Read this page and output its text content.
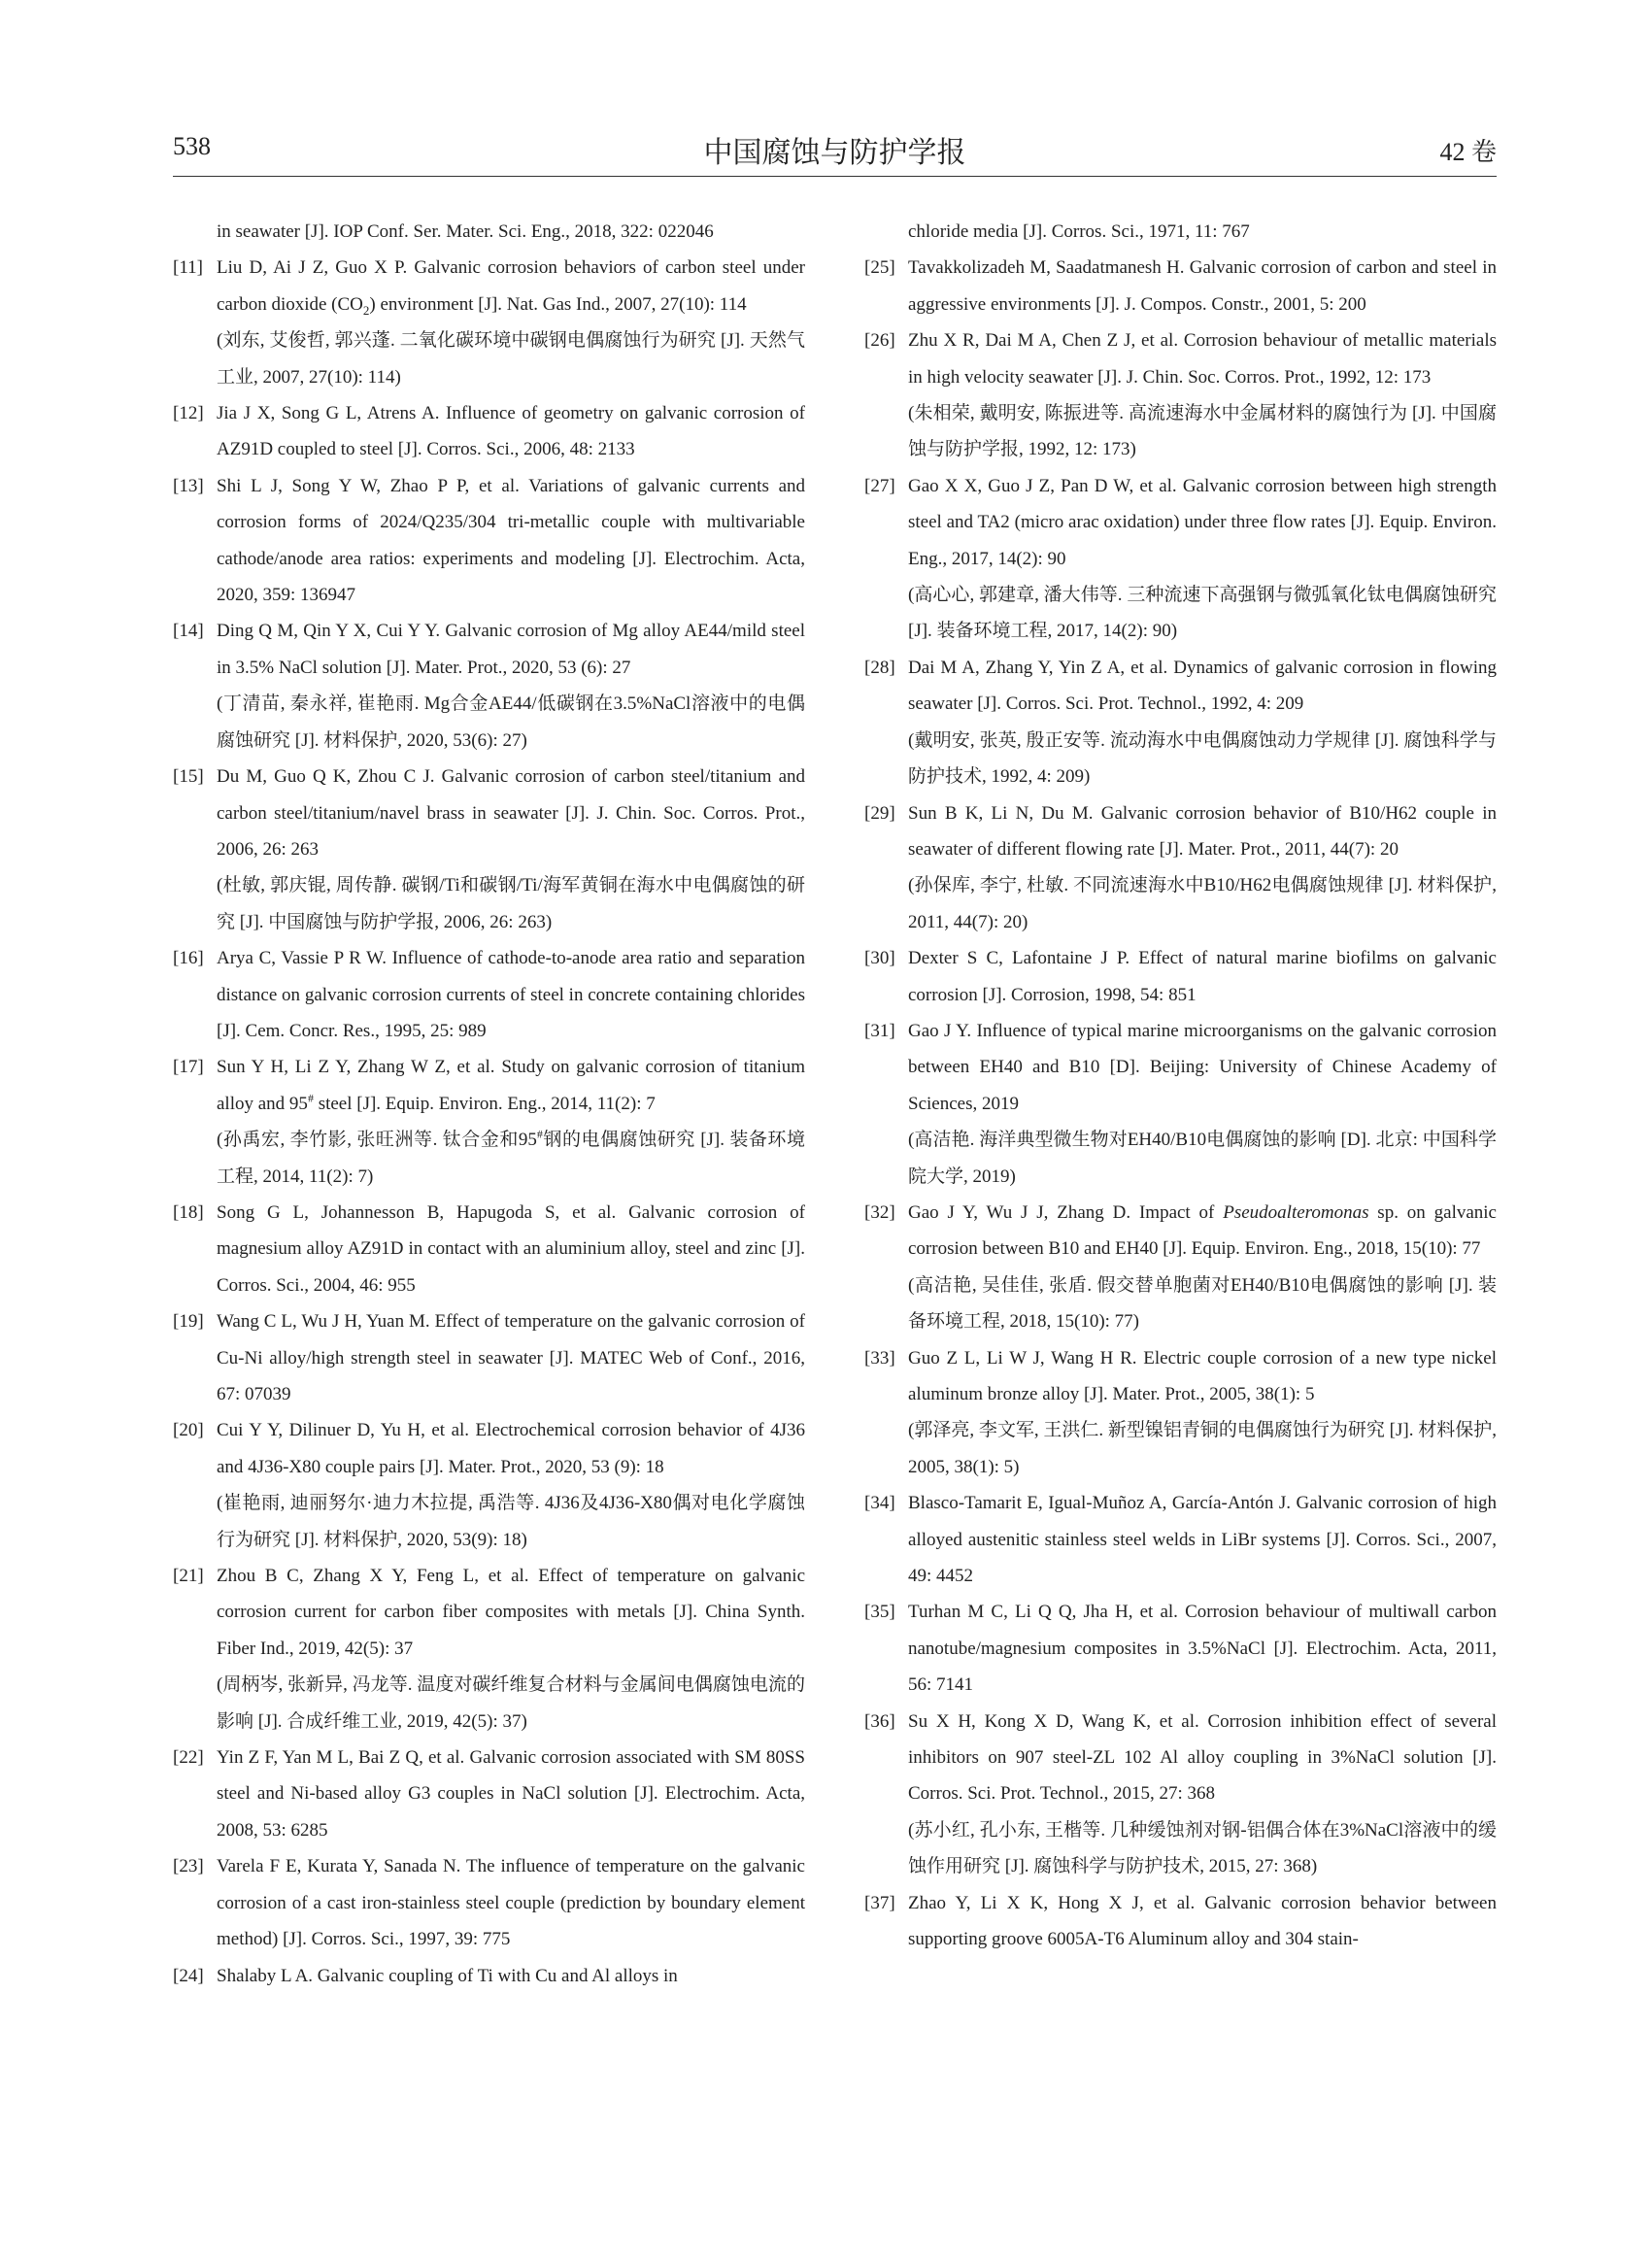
538	中国腐蚀与防护学报	42 卷

in seawater [J]. IOP Conf. Ser. Mater. Sci. Eng., 2018, 322: 022046

[11] Liu D, Ai J Z, Guo X P. Galvanic corrosion behaviors of carbon steel under carbon dioxide $(CO_2)$ environment [J]. Nat. Gas Ind., 2007, 27(10): 114
(刘东, 艾俊哲, 郭兴蓬. 二氧化碳环境中碳钢电偶腐蚀行为研究 [J]. 天然气工业, 2007, 27(10): 114)

[12] Jia J X, Song G L, Atrens A. Influence of geometry on galvanic corrosion of AZ91D coupled to steel [J]. Corros. Sci., 2006, 48: 2133

[13] Shi L J, Song Y W, Zhao P P, et al. Variations of galvanic currents and corrosion forms of 2024/Q235/304 tri-metallic couple with multivariable cathode/anode area ratios: experiments and modeling [J]. Electrochim. Acta, 2020, 359: 136947

[14] Ding Q M, Qin Y X, Cui Y Y. Galvanic corrosion of Mg alloy AE44/mild steel in 3.5% NaCl solution [J]. Mater. Prot., 2020, 53 (6): 27
(丁清苗, 秦永祥, 崔艳雨. Mg合金AE44/低碳钢在3.5%NaCl溶液中的电偶腐蚀研究 [J]. 材料保护, 2020, 53(6): 27)

[15] Du M, Guo Q K, Zhou C J. Galvanic corrosion of carbon steel/titanium and carbon steel/titanium/navel brass in seawater [J]. J. Chin. Soc. Corros. Prot., 2006, 26: 263
(杜敏, 郭庆锟, 周传静. 碳钢/Ti和碳钢/Ti/海军黄铜在海水中电偶腐蚀的研究 [J]. 中国腐蚀与防护学报, 2006, 26: 263)

[16] Arya C, Vassie P R W. Influence of cathode-to-anode area ratio and separation distance on galvanic corrosion currents of steel in concrete containing chlorides [J]. Cem. Concr. Res., 1995, 25: 989

[17] Sun Y H, Li Z Y, Zhang W Z, et al. Study on galvanic corrosion of titanium alloy and 95# steel [J]. Equip. Environ. Eng., 2014, 11(2): 7
(孙禹宏, 李竹影, 张旺洲等. 钛合金和95#钢的电偶腐蚀研究 [J]. 装备环境工程, 2014, 11(2): 7)

[18] Song G L, Johannesson B, Hapugoda S, et al. Galvanic corrosion of magnesium alloy AZ91D in contact with an aluminium alloy, steel and zinc [J]. Corros. Sci., 2004, 46: 955

[19] Wang C L, Wu J H, Yuan M. Effect of temperature on the galvanic corrosion of Cu-Ni alloy/high strength steel in seawater [J]. MATEC Web of Conf., 2016, 67: 07039

[20] Cui Y Y, Dilinuer D, Yu H, et al. Electrochemical corrosion behavior of 4J36 and 4J36-X80 couple pairs [J]. Mater. Prot., 2020, 53 (9): 18
(崔艳雨, 迪丽努尔·迪力木拉提, 禹浩等. 4J36及4J36-X80偶对电化学腐蚀行为研究 [J]. 材料保护, 2020, 53(9): 18)

[21] Zhou B C, Zhang X Y, Feng L, et al. Effect of temperature on galvanic corrosion current for carbon fiber composites with metals [J]. China Synth. Fiber Ind., 2019, 42(5): 37
(周柄岑, 张新异, 冯龙等. 温度对碳纤维复合材料与金属间电偶腐蚀电流的影响 [J]. 合成纤维工业, 2019, 42(5): 37)

[22] Yin Z F, Yan M L, Bai Z Q, et al. Galvanic corrosion associated with SM 80SS steel and Ni-based alloy G3 couples in NaCl solution [J]. Electrochim. Acta, 2008, 53: 6285

[23] Varela F E, Kurata Y, Sanada N. The influence of temperature on the galvanic corrosion of a cast iron-stainless steel couple (prediction by boundary element method) [J]. Corros. Sci., 1997, 39: 775

[24] Shalaby L A. Galvanic coupling of Ti with Cu and Al alloys in

chloride media [J]. Corros. Sci., 1971, 11: 767

[25] Tavakkolizadeh M, Saadatmanesh H. Galvanic corrosion of carbon and steel in aggressive environments [J]. J. Compos. Constr., 2001, 5: 200

[26] Zhu X R, Dai M A, Chen Z J, et al. Corrosion behaviour of metallic materials in high velocity seawater [J]. J. Chin. Soc. Corros. Prot., 1992, 12: 173
(朱相荣, 戴明安, 陈振进等. 高流速海水中金属材料的腐蚀行为 [J]. 中国腐蚀与防护学报, 1992, 12: 173)

[27] Gao X X, Guo J Z, Pan D W, et al. Galvanic corrosion between high strength steel and TA2 (micro arac oxidation) under three flow rates [J]. Equip. Environ. Eng., 2017, 14(2): 90
(高心心, 郭建章, 潘大伟等. 三种流速下高强钢与微弧氧化钛电偶腐蚀研究 [J]. 装备环境工程, 2017, 14(2): 90)

[28] Dai M A, Zhang Y, Yin Z A, et al. Dynamics of galvanic corrosion in flowing seawater [J]. Corros. Sci. Prot. Technol., 1992, 4: 209
(戴明安, 张英, 殷正安等. 流动海水中电偶腐蚀动力学规律 [J]. 腐蚀科学与防护技术, 1992, 4: 209)

[29] Sun B K, Li N, Du M. Galvanic corrosion behavior of B10/H62 couple in seawater of different flowing rate [J]. Mater. Prot., 2011, 44(7): 20
(孙保库, 李宁, 杜敏. 不同流速海水中B10/H62电偶腐蚀规律 [J]. 材料保护, 2011, 44(7): 20)

[30] Dexter S C, Lafontaine J P. Effect of natural marine biofilms on galvanic corrosion [J]. Corrosion, 1998, 54: 851

[31] Gao J Y. Influence of typical marine microorganisms on the galvanic corrosion between EH40 and B10 [D]. Beijing: University of Chinese Academy of Sciences, 2019
(高洁艳. 海洋典型微生物对EH40/B10电偶腐蚀的影响 [D]. 北京: 中国科学院大学, 2019)

[32] Gao J Y, Wu J J, Zhang D. Impact of Pseudoalteromonas sp. on galvanic corrosion between B10 and EH40 [J]. Equip. Environ. Eng., 2018, 15(10): 77
(高洁艳, 吴佳佳, 张盾. 假交替单胞菌对EH40/B10电偶腐蚀的影响 [J]. 装备环境工程, 2018, 15(10): 77)

[33] Guo Z L, Li W J, Wang H R. Electric couple corrosion of a new type nickel aluminum bronze alloy [J]. Mater. Prot., 2005, 38(1): 5
(郭泽亮, 李文军, 王洪仁. 新型镍铝青铜的电偶腐蚀行为研究 [J]. 材料保护, 2005, 38(1): 5)

[34] Blasco-Tamarit E, Igual-Muñoz A, García-Antón J. Galvanic corrosion of high alloyed austenitic stainless steel welds in LiBr systems [J]. Corros. Sci., 2007, 49: 4452

[35] Turhan M C, Li Q Q, Jha H, et al. Corrosion behaviour of multiwall carbon nanotube/magnesium composites in 3.5%NaCl [J]. Electrochim. Acta, 2011, 56: 7141

[36] Su X H, Kong X D, Wang K, et al. Corrosion inhibition effect of several inhibitors on 907 steel-ZL 102 Al alloy coupling in 3%NaCl solution [J]. Corros. Sci. Prot. Technol., 2015, 27: 368
(苏小红, 孔小东, 王楷等. 几种缓蚀剂对钢-铝偶合体在3%NaCl溶液中的缓蚀作用研究 [J]. 腐蚀科学与防护技术, 2015, 27: 368)

[37] Zhao Y, Li X K, Hong X J, et al. Galvanic corrosion behavior between supporting groove 6005A-T6 Aluminum alloy and 304 stain-
